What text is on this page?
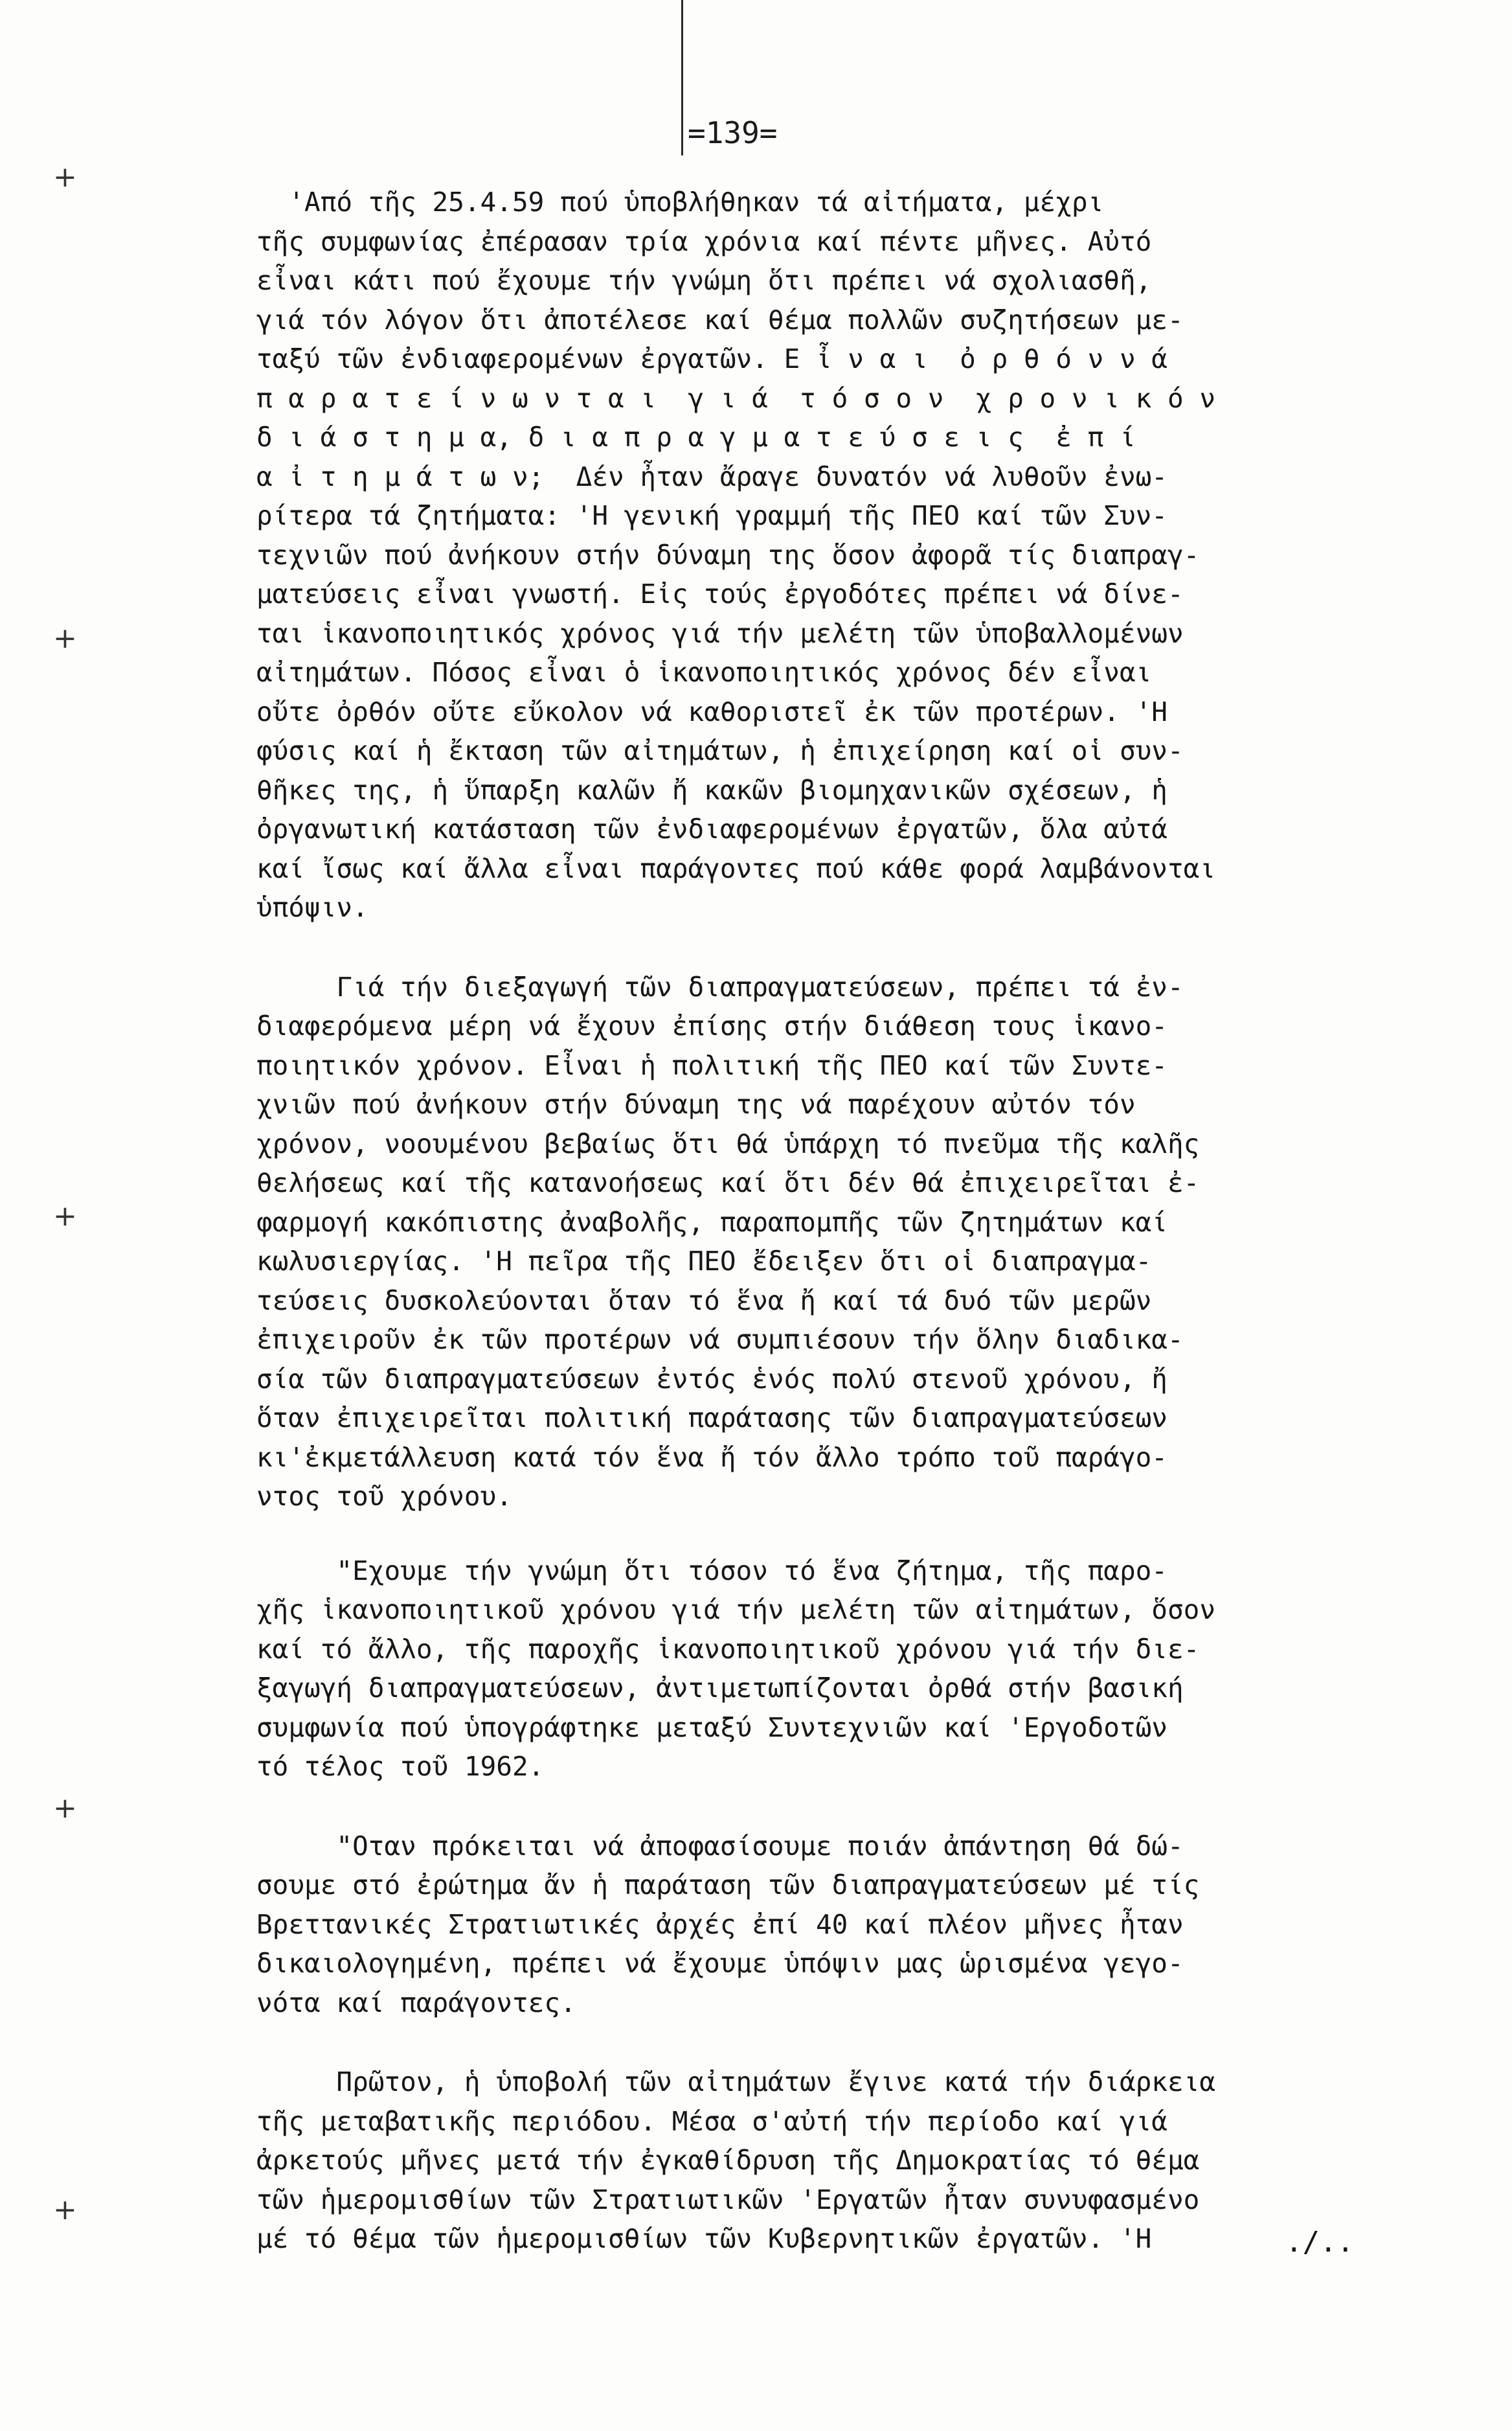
=139=
+
+
+
+
+
'Από τῆς 25.4.59 πού ὑποβλήθηκαν τά αἰτήματα, μέχρι
τῆς συμφωνίας ἐπέρασαν τρία χρόνια καί πέντε μῆνες. Αὐτό
εἶναι κάτι πού ἔχουμε τήν γνώμη ὅτι πρέπει νά σχολιασθῆ,
γιά τόν λόγον ὅτι ἀποτέλεσε καί θέμα πολλῶν συζητήσεων με-
ταξύ τῶν ἐνδιαφερομένων ἐργατῶν. Ε ἶ ν α ι  ὀ ρ θ ό ν ν ά
π α ρ α τ ε ί ν ω ν τ α ι  γ ι ά  τ ό σ ο ν  χ ρ ο ν ι κ ό ν
δ ι ά σ τ η μ α, δ ι α π ρ α γ μ α τ ε ύ σ ε ι ς  ἐ π ί
α ἰ τ η μ ά τ ω ν;  Δέν ἦταν ἄραγε δυνατόν νά λυθοῦν ἐνω-
ρίτερα τά ζητήματα: 'Η γενική γραμμή τῆς ΠΕΟ καί τῶν Συν-
τεχνιῶν πού ἀνήκουν στήν δύναμη της ὅσον ἀφορᾶ τίς διαπραγ-
ματεύσεις εἶναι γνωστή. Εἰς τούς ἐργοδότες πρέπει νά δίνε-
ται ἱκανοποιητικός χρόνος γιά τήν μελέτη τῶν ὑποβαλλομένων
αἰτημάτων. Πόσος εἶναι ὁ ἱκανοποιητικός χρόνος δέν εἶναι
οὔτε ὀρθόν οὔτε εὔκολον νά καθοριστεῖ ἐκ τῶν προτέρων. 'Η
φύσις καί ἡ ἔκταση τῶν αἰτημάτων, ἡ ἐπιχείρηση καί οἱ συν-
θῆκες της, ἡ ὕπαρξη καλῶν ἤ κακῶν βιομηχανικῶν σχέσεων, ἡ
ὀργανωτική κατάσταση τῶν ἐνδιαφερομένων ἐργατῶν, ὅλα αὐτά
καί ἴσως καί ἄλλα εἶναι παράγοντες πού κάθε φορά λαμβάνονται
ὑπόψιν.
Γιά τήν διεξαγωγή τῶν διαπραγματεύσεων, πρέπει τά ἐν-
διαφερόμενα μέρη νά ἔχουν ἐπίσης στήν διάθεση τους ἱκανο-
ποιητικόν χρόνον. Εἶναι ἡ πολιτική τῆς ΠΕΟ καί τῶν Συντε-
χνιῶν πού ἀνήκουν στήν δύναμη της νά παρέχουν αὐτόν τόν
χρόνον, νοουμένου βεβαίως ὅτι θά ὑπάρχη τό πνεῦμα τῆς καλῆς
θελήσεως καί τῆς κατανοήσεως καί ὅτι δέν θά ἐπιχειρεῖται ἐ-
φαρμογή κακόπιστης ἀναβολῆς, παραπομπῆς τῶν ζητημάτων καί
κωλυσιεργίας. 'Η πεῖρα τῆς ΠΕΟ ἔδειξεν ὅτι οἱ διαπραγμα-
τεύσεις δυσκολεύονται ὅταν τό ἕνα ἤ καί τά δυό τῶν μερῶν
ἐπιχειροῦν ἐκ τῶν προτέρων νά συμπιέσουν τήν ὅλην διαδικα-
σία τῶν διαπραγματεύσεων ἐντός ἑνός πολύ στενοῦ χρόνου, ἤ
ὅταν ἐπιχειρεῖται πολιτική παράτασης τῶν διαπραγματεύσεων
κι'ἐκμετάλλευση κατά τόν ἕνα ἤ τόν ἄλλο τρόπο τοῦ παράγο-
ντος τοῦ χρόνου.
"Εχουμε τήν γνώμη ὅτι τόσον τό ἕνα ζήτημα, τῆς παρο-
χῆς ἱκανοποιητικοῦ χρόνου γιά τήν μελέτη τῶν αἰτημάτων, ὅσον
καί τό ἄλλο, τῆς παροχῆς ἱκανοποιητικοῦ χρόνου γιά τήν διε-
ξαγωγή διαπραγματεύσεων, ἀντιμετωπίζονται ὀρθά στήν βασική
συμφωνία πού ὑπογράφτηκε μεταξύ Συντεχνιῶν καί 'Εργοδοτῶν
τό τέλος τοῦ 1962.
"Οταν πρόκειται νά ἀποφασίσουμε ποιάν ἀπάντηση θά δώ-
σουμε στό ἐρώτημα ἄν ἡ παράταση τῶν διαπραγματεύσεων μέ τίς
Βρεττανικές Στρατιωτικές ἀρχές ἐπί 40 καί πλέον μῆνες ἦταν
δικαιολογημένη, πρέπει νά ἔχουμε ὑπόψιν μας ὡρισμένα γεγο-
νότα καί παράγοντες.
Πρῶτον, ἡ ὑποβολή τῶν αἰτημάτων ἔγινε κατά τήν διάρκεια
τῆς μεταβατικῆς περιόδου. Μέσα σ'αὐτή τήν περίοδο καί γιά
ἀρκετούς μῆνες μετά τήν ἐγκαθίδρυση τῆς Δημοκρατίας τό θέμα
τῶν ἡμερομισθίων τῶν Στρατιωτικῶν 'Εργατῶν ἦταν συνυφασμένο
μέ τό θέμα τῶν ἡμερομισθίων τῶν Κυβερνητικῶν ἐργατῶν. 'Η	./..
